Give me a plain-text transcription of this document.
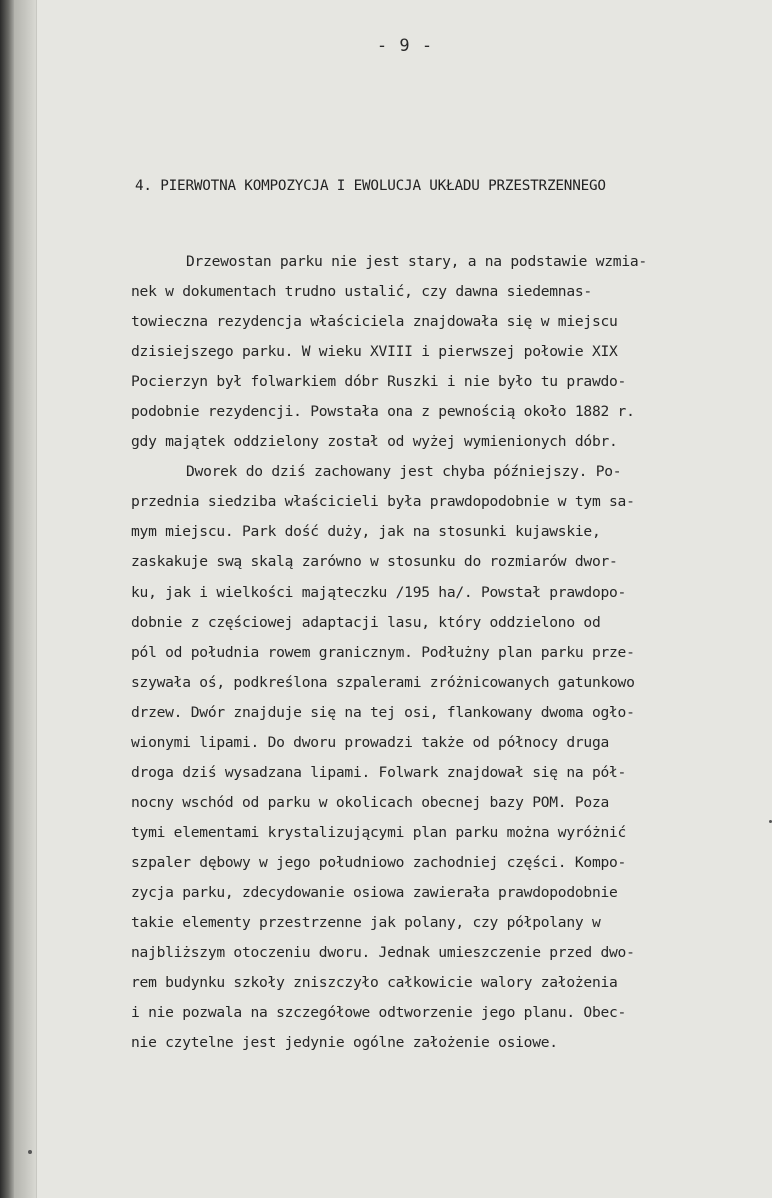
- 9 -
4. PIERWOTNA KOMPOZYCJA I EWOLUCJA UKŁADU PRZESTRZENNEGO
Drzewostan parku nie jest stary, a na podstawie wzmia-
nek w dokumentach trudno ustalić, czy dawna siedemnas-
towieczna rezydencja właściciela znajdowała się w miejscu
dzisiejszego parku. W wieku XVIII i pierwszej połowie XIX
Pocierzyn był folwarkiem dóbr Ruszki i nie było tu prawdo-
podobnie rezydencji. Powstała ona z pewnością około 1882 r.
gdy majątek oddzielony został od wyżej wymienionych dóbr.
Dworek do dziś zachowany jest chyba późniejszy. Po-
przednia siedziba właścicieli była prawdopodobnie w tym sa-
mym miejscu. Park dość duży, jak na stosunki kujawskie,
zaskakuje swą skalą zarówno w stosunku do rozmiarów dwor-
ku, jak i wielkości mająteczku /195 ha/. Powstał prawdopo-
dobnie z częściowej adaptacji lasu, który oddzielono od
pól od południa rowem granicznym. Podłużny plan parku prze-
szywała oś, podkreślona szpalerami zróżnicowanych gatunkowo
drzew. Dwór znajduje się na tej osi, flankowany dwoma ogło-
wionymi lipami. Do dworu prowadzi także od północy druga
droga dziś wysadzana lipami. Folwark znajdował się na pół-
nocny wschód od parku w okolicach obecnej bazy POM. Poza
tymi elementami krystalizującymi plan parku można wyróżnić
szpaler dębowy w jego południowo zachodniej części. Kompo-
zycja parku, zdecydowanie osiowa zawierała prawdopodobnie
takie elementy przestrzenne jak polany, czy półpolany w
najbliższym otoczeniu dworu. Jednak umieszczenie przed dwo-
rem budynku szkoły zniszczyło całkowicie walory założenia
i nie pozwala na szczegółowe odtworzenie jego planu. Obec-
nie czytelne jest jedynie ogólne założenie osiowe.
